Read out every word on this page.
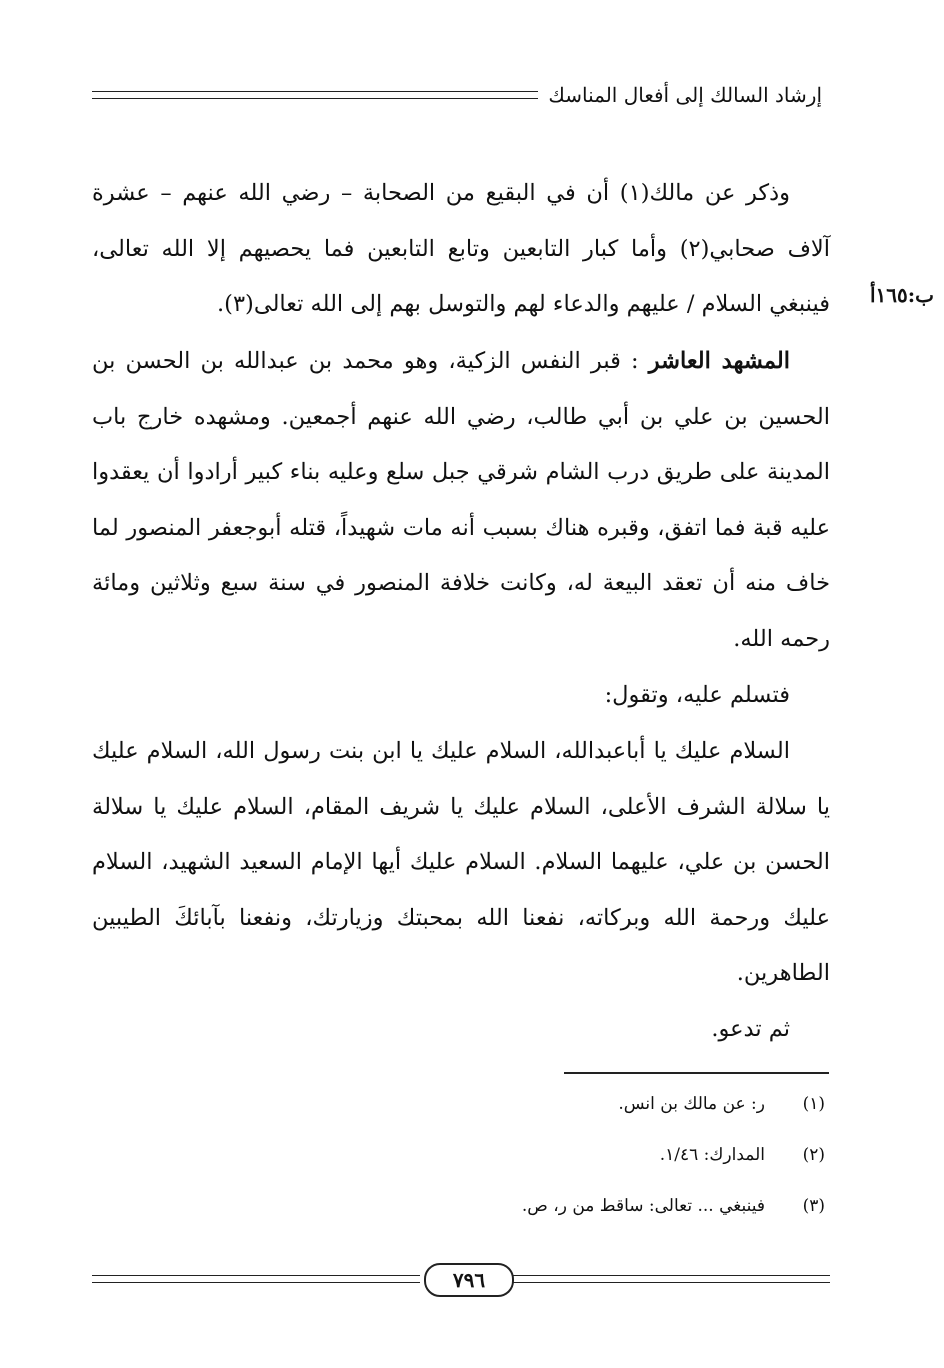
إرشاد السالك إلى أفعال المناسك
ب:١٦٥أ
وذكر عن مالك(١) أن في البقيع من الصحابة – رضي الله عنهم – عشرة آلاف صحابي(٢) وأما كبار التابعين وتابع التابعين فما يحصيهم إلا الله تعالى، فينبغي السلام / عليهم والدعاء لهم والتوسل بهم إلى الله تعالى(٣).
المشهد العاشر : قبر النفس الزكية، وهو محمد بن عبدالله بن الحسن بن الحسين بن علي بن أبي طالب، رضي الله عنهم أجمعين. ومشهده خارج باب المدينة على طريق درب الشام شرقي جبل سلع وعليه بناء كبير أرادوا أن يعقدوا عليه قبة فما اتفق، وقبره هناك بسبب أنه مات شهيداً، قتله أبوجعفر المنصور لما خاف منه أن تعقد البيعة له، وكانت خلافة المنصور في سنة سبع وثلاثين ومائة رحمه الله.
فتسلم عليه، وتقول:
السلام عليك يا أباعبدالله، السلام عليك يا ابن بنت رسول الله، السلام عليك يا سلالة الشرف الأعلى، السلام عليك يا شريف المقام، السلام عليك يا سلالة الحسن بن علي، عليهما السلام. السلام عليك أيها الإمام السعيد الشهيد، السلام عليك ورحمة الله وبركاته، نفعنا الله بمحبتك وزيارتك، ونفعنا بآبائكَ الطيبين الطاهرين.
ثم تدعو.
(١)
ر: عن مالك بن انس.
(٢)
المدارك: ١/٤٦.
(٣)
فينبغي ... تعالى: ساقط من ر، ص.
٧٩٦
